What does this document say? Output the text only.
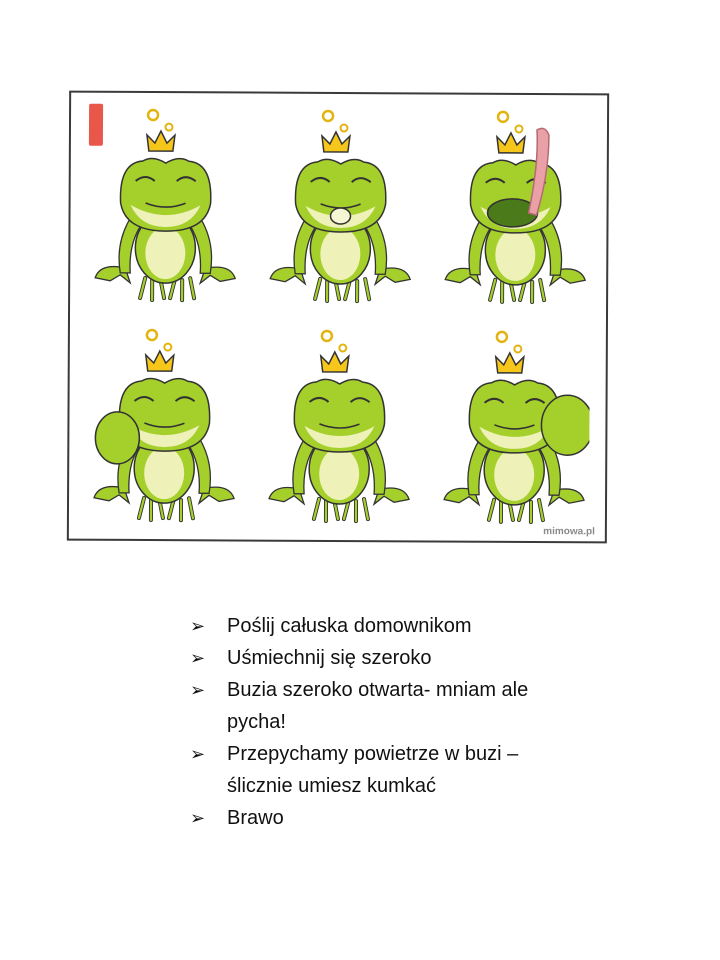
mimowa.pl
➢ Poślij całuska domownikom
➢ Uśmiechnij się szeroko
➢ Buzia szeroko otwarta- mniam ale pycha!
➢ Przepychamy powietrze w buzi – ślicznie umiesz kumkać
➢ Brawo
